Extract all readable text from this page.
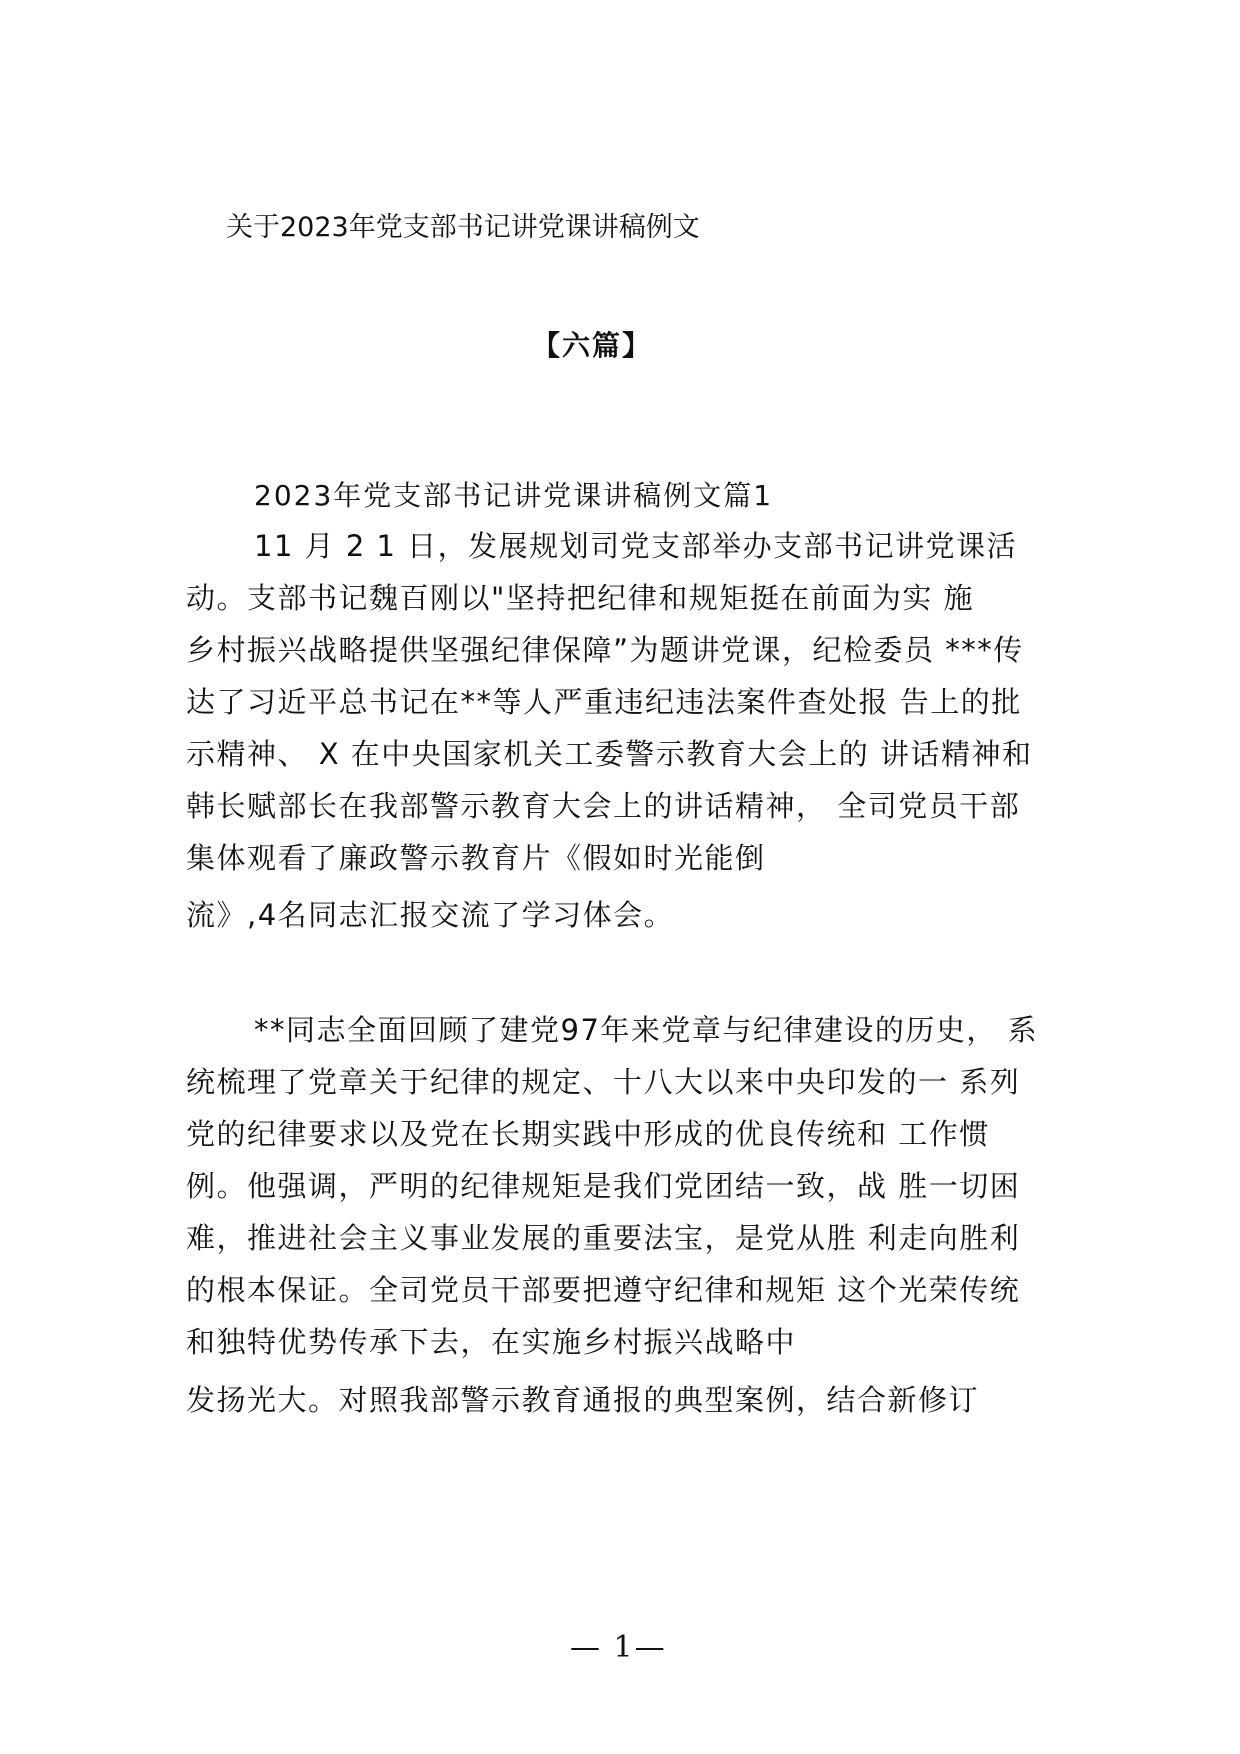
关于2023年党支部书记讲党课讲稿例文
【六篇】
2023年党支部书记讲党课讲稿例文篇1
11 月 2 1 日，发展规划司党支部举办支部书记讲党课活
动。支部书记魏百刚以"坚持把纪律和规矩挺在前面为实 施
乡村振兴战略提供坚强纪律保障”为题讲党课，纪检委员 ***传
达了习近平总书记在**等人严重违纪违法案件查处报 告上的批
示精神、 X 在中央国家机关工委警示教育大会上的 讲话精神和
韩长赋部长在我部警示教育大会上的讲话精神， 全司党员干部
集体观看了廉政警示教育片《假如时光能倒
流》,4名同志汇报交流了学习体会。
**同志全面回顾了建党97年来党章与纪律建设的历史， 系
统梳理了党章关于纪律的规定、十八大以来中央印发的一 系列
党的纪律要求以及党在长期实践中形成的优良传统和 工作惯
例。他强调，严明的纪律规矩是我们党团结一致，战 胜一切困
难，推进社会主义事业发展的重要法宝，是党从胜 利走向胜利
的根本保证。全司党员干部要把遵守纪律和规矩 这个光荣传统
和独特优势传承下去，在实施乡村振兴战略中
发扬光大。对照我部警示教育通报的典型案例，结合新修订
— 1—
